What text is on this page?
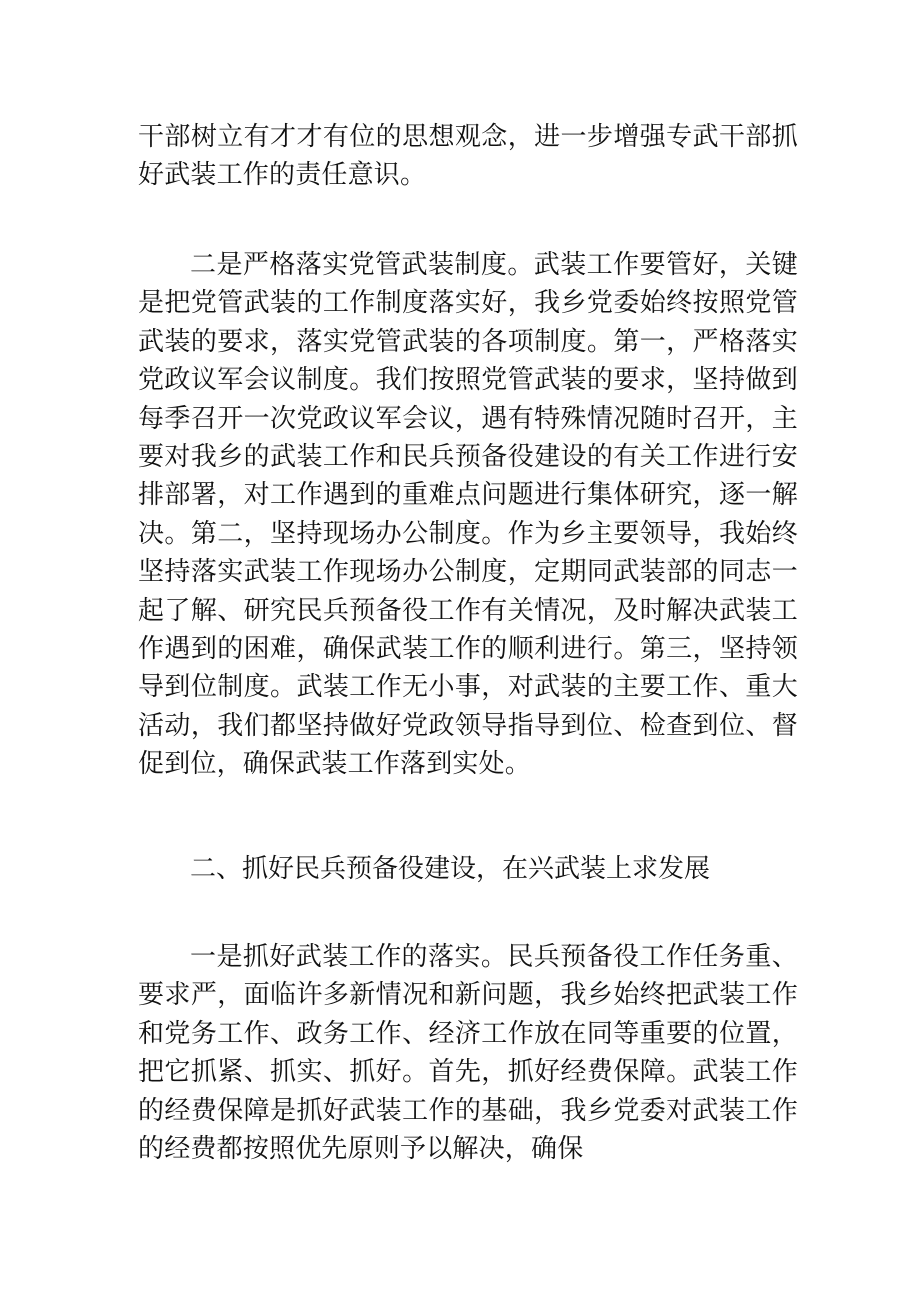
干部树立有才才有位的思想观念，进一步增强专武干部抓好武装工作的责任意识。

二是严格落实党管武装制度。武装工作要管好，关键是把党管武装的工作制度落实好，我乡党委始终按照党管武装的要求，落实党管武装的各项制度。第一，严格落实党政议军会议制度。我们按照党管武装的要求，坚持做到每季召开一次党政议军会议，遇有特殊情况随时召开，主要对我乡的武装工作和民兵预备役建设的有关工作进行安排部署，对工作遇到的重难点问题进行集体研究，逐一解决。第二，坚持现场办公制度。作为乡主要领导，我始终坚持落实武装工作现场办公制度，定期同武装部的同志一起了解、研究民兵预备役工作有关情况，及时解决武装工作遇到的困难，确保武装工作的顺利进行。第三，坚持领导到位制度。武装工作无小事，对武装的主要工作、重大活动，我们都坚持做好党政领导指导到位、检查到位、督促到位，确保武装工作落到实处。

二、抓好民兵预备役建设，在兴武装上求发展

一是抓好武装工作的落实。民兵预备役工作任务重、要求严，面临许多新情况和新问题，我乡始终把武装工作和党务工作、政务工作、经济工作放在同等重要的位置，把它抓紧、抓实、抓好。首先，抓好经费保障。武装工作的经费保障是抓好武装工作的基础，我乡党委对武装工作的经费都按照优先原则予以解决，确保
